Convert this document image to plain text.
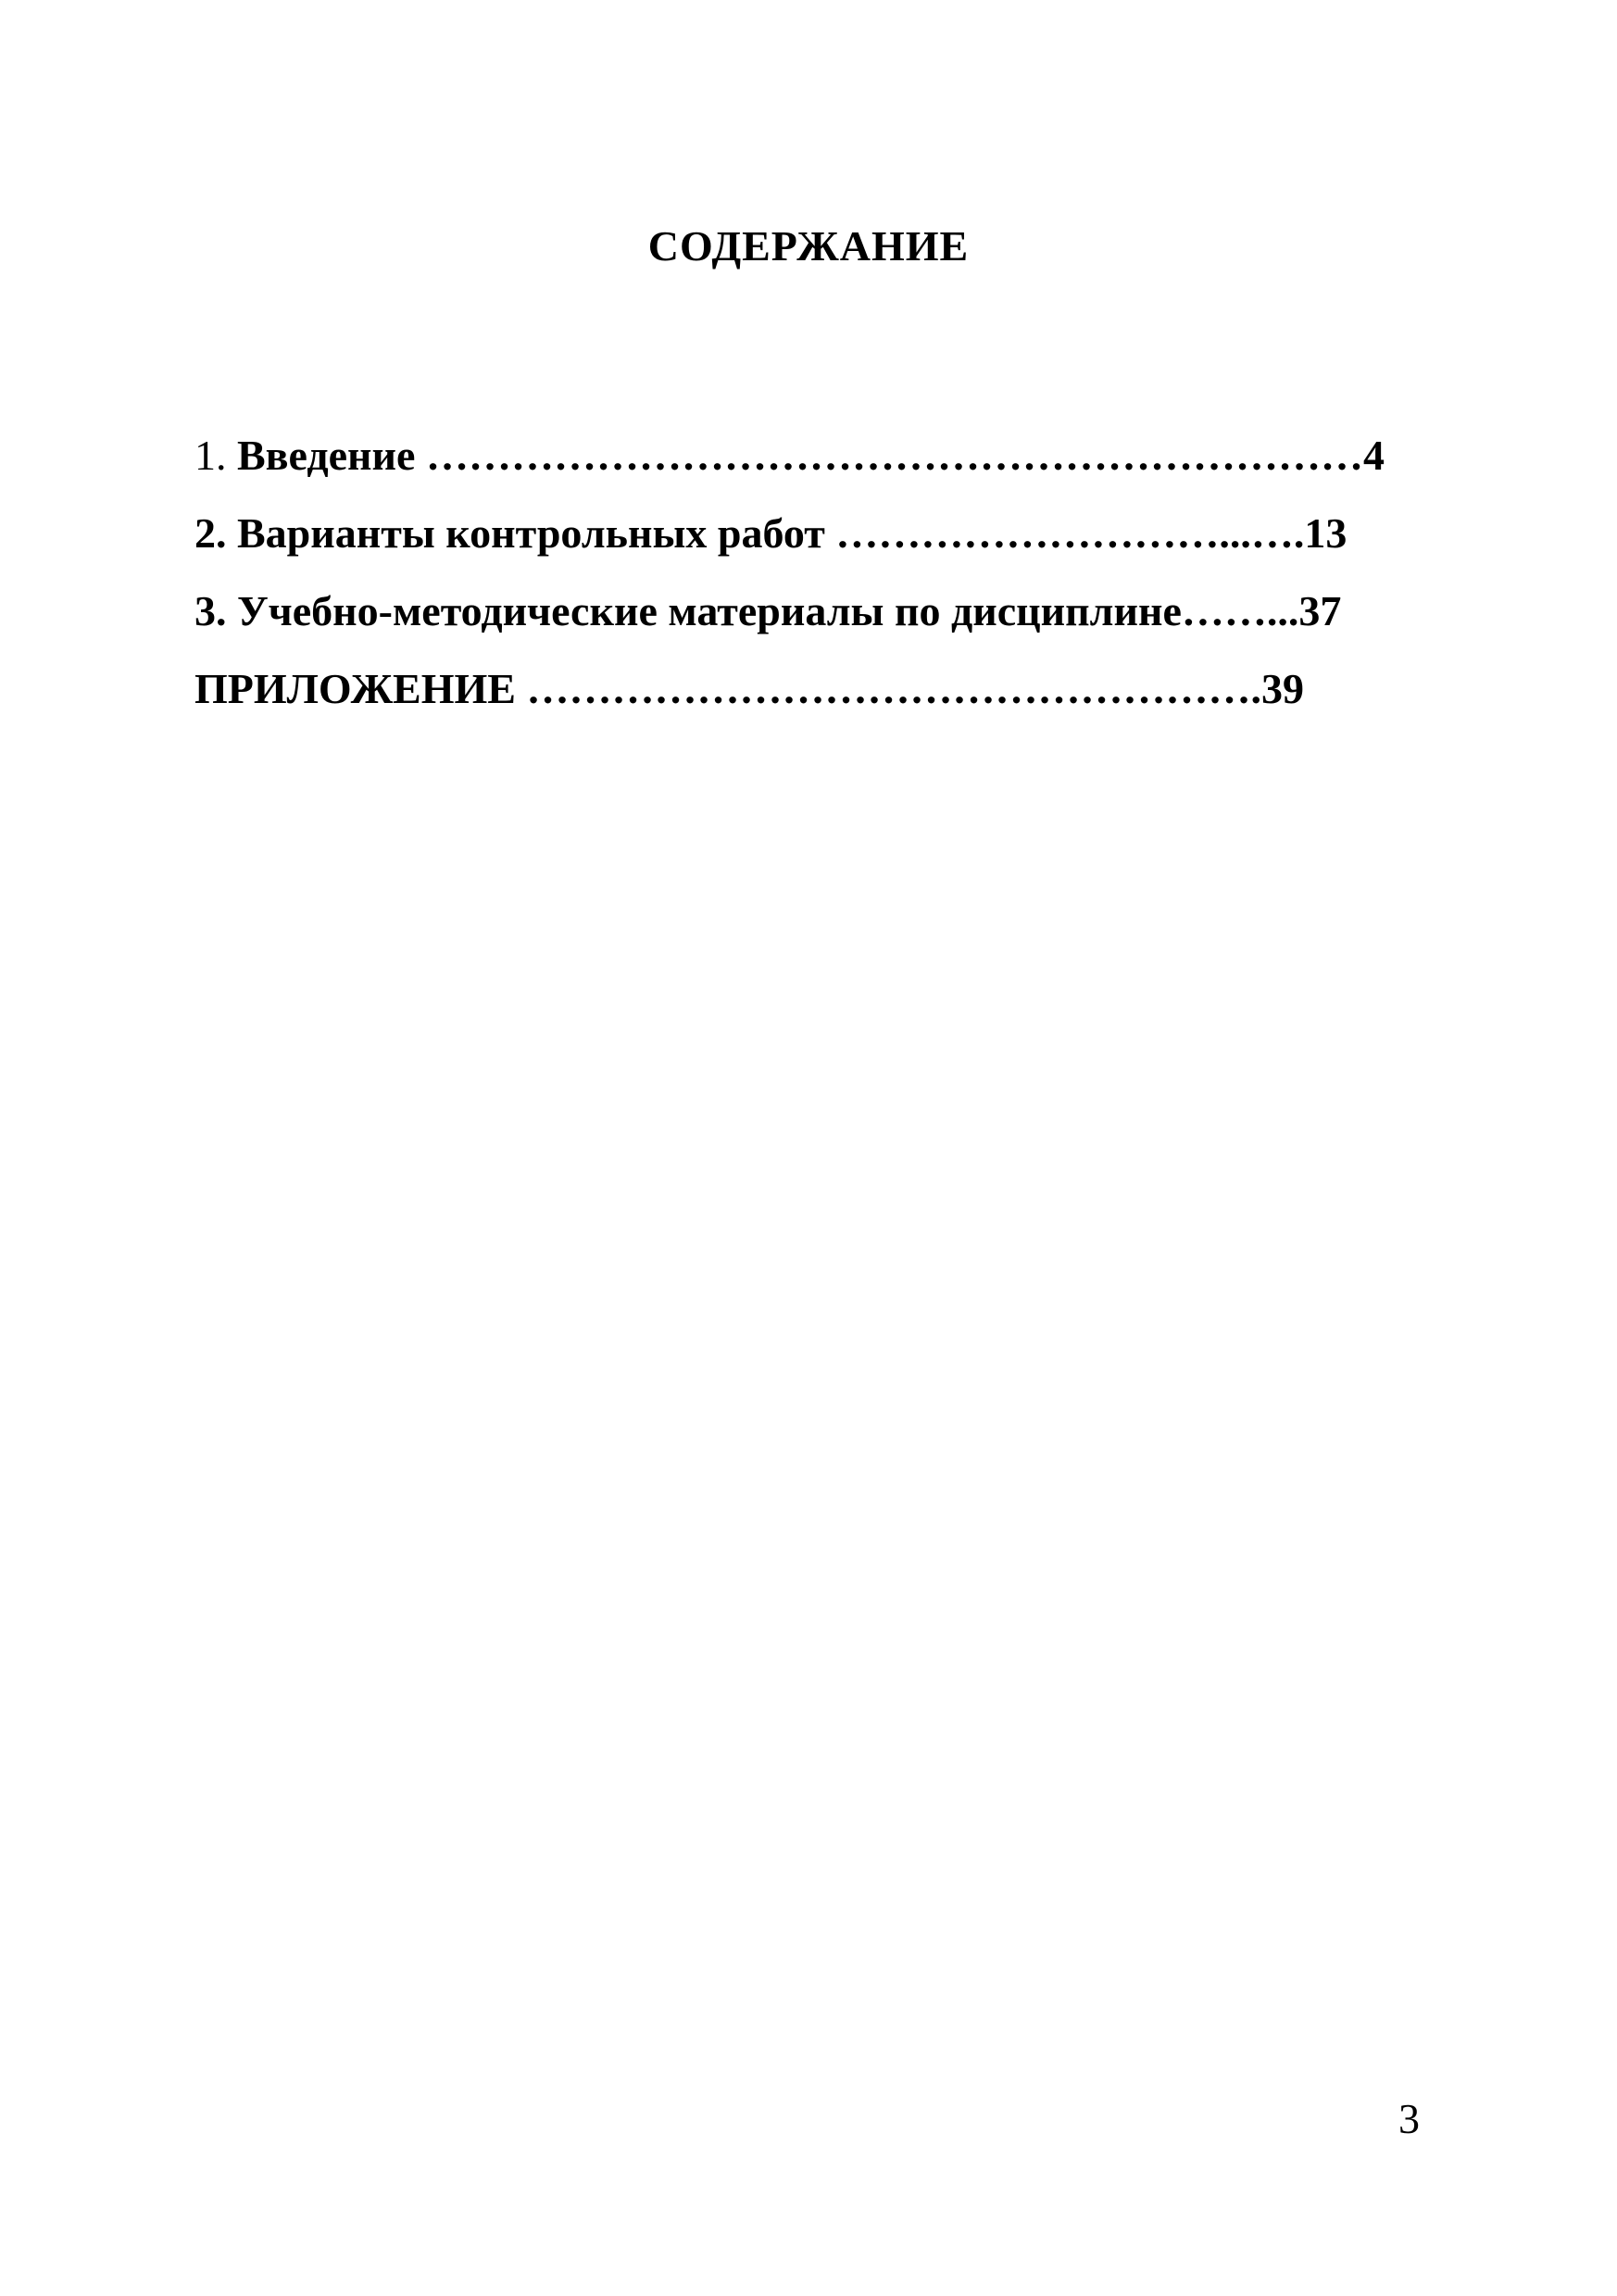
СОДЕРЖАНИЕ
1. Введение …………………………………………………………4
2. Варианты контрольных работ ………………………...….13
3. Учебно-методические материалы по дисциплине……...37
ПРИЛОЖЕНИЕ …………………………………………….39
3
